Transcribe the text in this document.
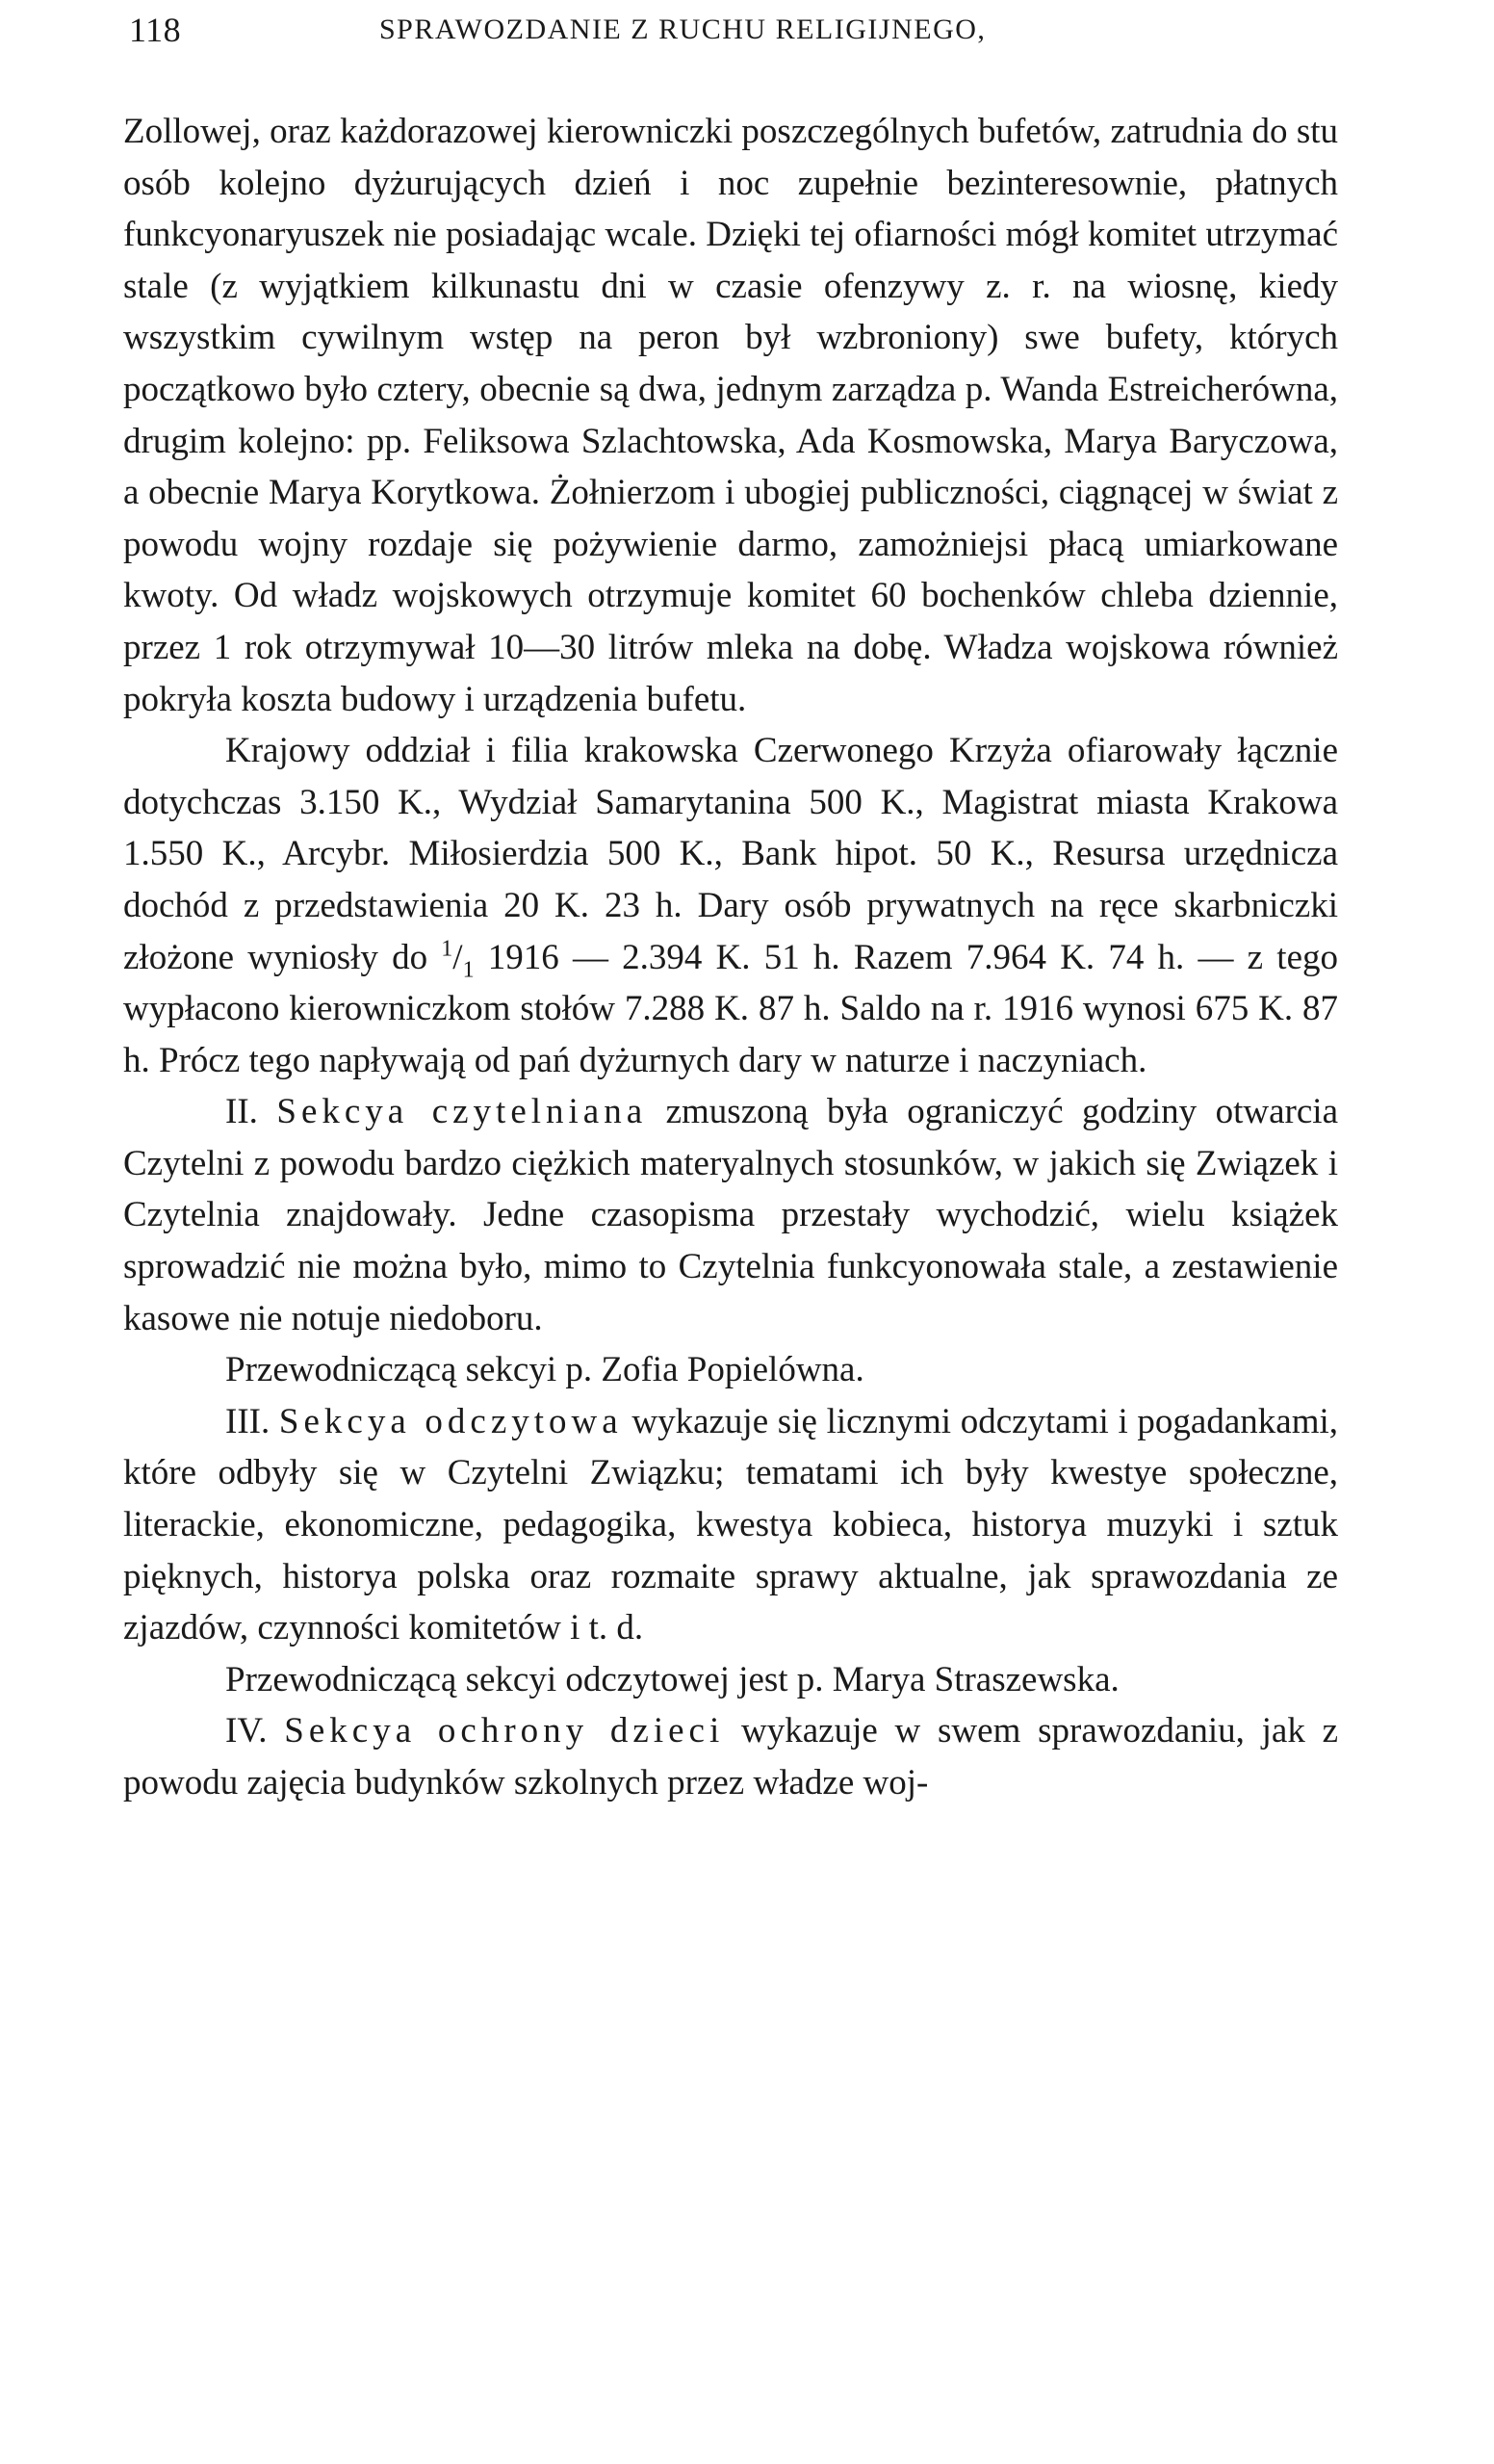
118	SPRAWOZDANIE Z RUCHU RELIGIJNEGO,

Zollowej, oraz każdorazowej kierowniczki poszczególnych bufetów, zatrudnia do stu osób kolejno dyżurujących dzień i noc zupełnie bezinteresownie, płatnych funkcyonaryuszek nie posiadając wcale. Dzięki tej ofiarności mógł komitet utrzymać stale (z wyjątkiem kilkunastu dni w czasie ofenzywy z. r. na wiosnę, kiedy wszystkim cywilnym wstęp na peron był wzbroniony) swe bufety, których początkowo było cztery, obecnie są dwa, jednym zarządza p. Wanda Estreicherówna, drugim kolejno: pp. Feliksowa Szlachtowska, Ada Kosmowska, Marya Baryczowa, a obecnie Marya Korytkowa. Żołnierzom i ubogiej publiczności, ciągnącej w świat z powodu wojny rozdaje się pożywienie darmo, zamożniejsi płacą umiarkowane kwoty. Od władz wojskowych otrzymuje komitet 60 bochenków chleba dziennie, przez 1 rok otrzymywał 10—30 litrów mleka na dobę. Władza wojskowa również pokryła koszta budowy i urządzenia bufetu.

Krajowy oddział i filia krakowska Czerwonego Krzyża ofiarowały łącznie dotychczas 3.150 K., Wydział Samarytanina 500 K., Magistrat miasta Krakowa 1.550 K., Arcybr. Miłosierdzia 500 K., Bank hipot. 50 K., Resursa urzędnicza dochód z przedstawienia 20 K. 23 h. Dary osób prywatnych na ręce skarbniczki złożone wyniosły do $^1/_1$ 1916 — 2.394 K. 51 h. Razem 7.964 K. 74 h. — z tego wypłacono kierowniczkom stołów 7.288 K. 87 h. Saldo na r. 1916 wynosi 675 K. 87 h. Prócz tego napływają od pań dyżurnych dary w naturze i naczyniach.

II. Sekcya czytelniana zmuszoną była ograniczyć godziny otwarcia Czytelni z powodu bardzo ciężkich materyalnych stosunków, w jakich się Związek i Czytelnia znajdowały. Jedne czasopisma przestały wychodzić, wielu książek sprowadzić nie można było, mimo to Czytelnia funkcyonowała stale, a zestawienie kasowe nie notuje niedoboru.

Przewodniczącą sekcyi p. Zofia Popielówna.

III. Sekcya odczytowa wykazuje się licznymi odczytami i pogadankami, które odbyły się w Czytelni Związku; tematami ich były kwestye społeczne, literackie, ekonomiczne, pedagogika, kwestya kobieca, historya muzyki i sztuk pięknych, historya polska oraz rozmaite sprawy aktualne, jak sprawozdania ze zjazdów, czynności komitetów i t. d.

Przewodniczącą sekcyi odczytowej jest p. Marya Straszewska.

IV. Sekcya ochrony dzieci wykazuje w swem sprawozdaniu, jak z powodu zajęcia budynków szkolnych przez władze woj-
